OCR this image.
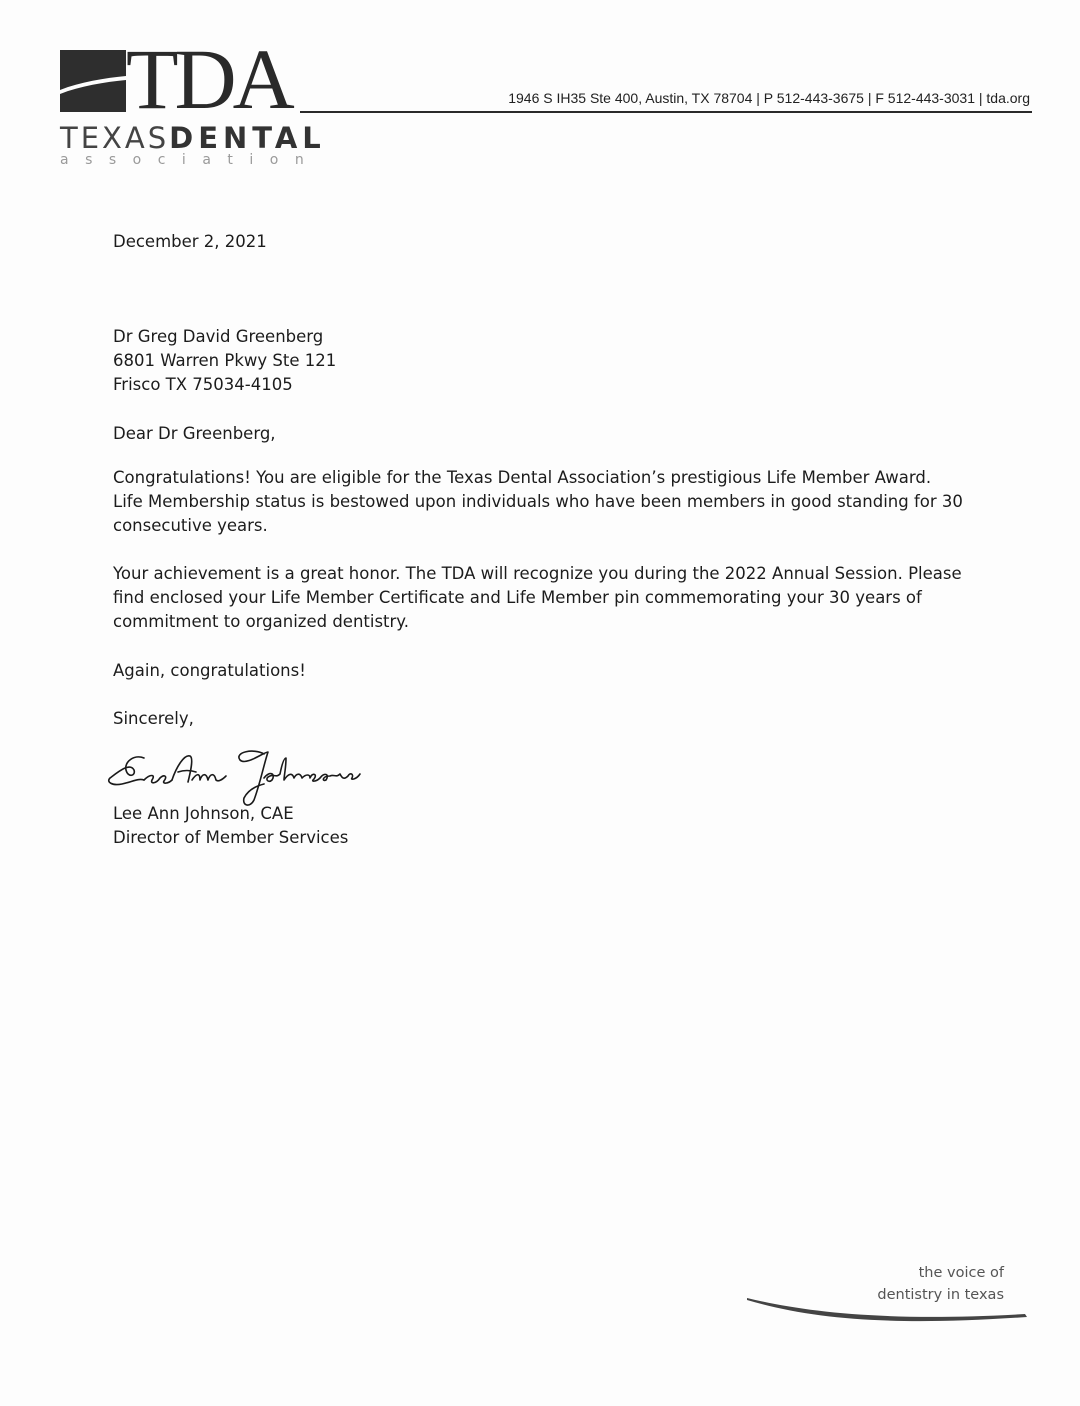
TDA
TEXASDENTAL
association
1946 S IH35 Ste 400, Austin, TX 78704 | P 512-443-3675 | F 512-443-3031 | tda.org
December 2, 2021
Dr Greg David Greenberg
6801 Warren Pkwy Ste 121
Frisco TX 75034-4105
Dear Dr Greenberg,
Congratulations! You are eligible for the Texas Dental Association’s prestigious Life Member Award. Life Membership status is bestowed upon individuals who have been members in good standing for 30 consecutive years.
Your achievement is a great honor. The TDA will recognize you during the 2022 Annual Session. Please find enclosed your Life Member Certificate and Life Member pin commemorating your 30 years of commitment to organized dentistry.
Again, congratulations!
Sincerely,
Lee Ann Johnson, CAE
Director of Member Services
the voice of
dentistry in texas
